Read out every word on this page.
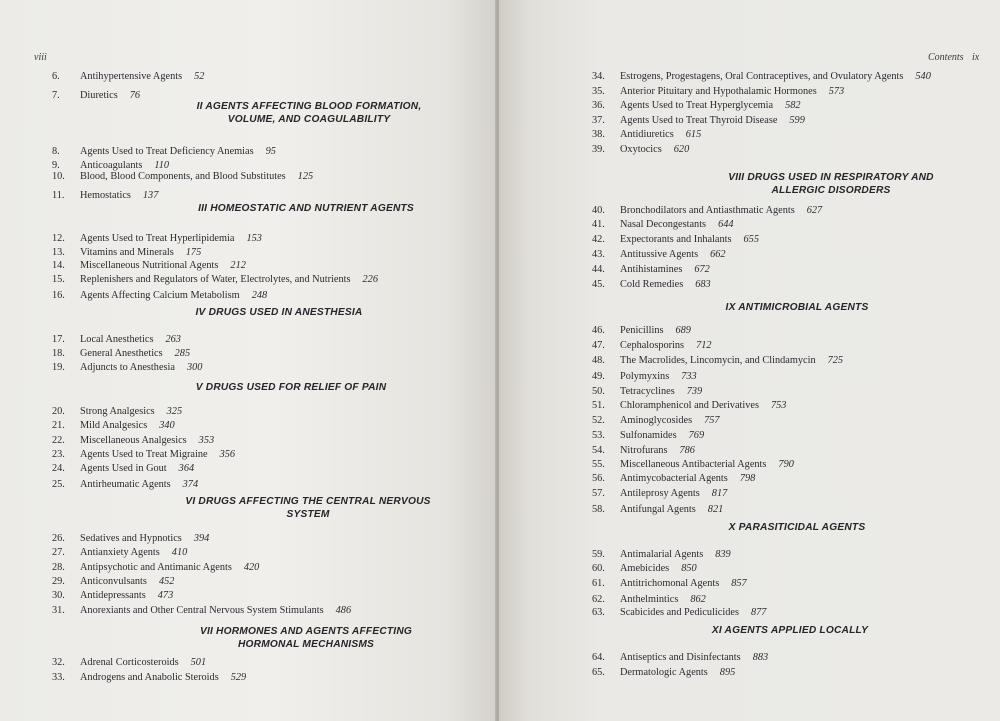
viii
6.	Antihypertensive Agents 52
7.	Diuretics 76
8.	Agents Used to Treat Deficiency Anemias 95
9.	Anticoagulants 110
10.	Blood, Blood Components, and Blood Substitutes 125
11.	Hemostatics 137
12.	Agents Used to Treat Hyperlipidemia 153
13.	Vitamins and Minerals 175
14.	Miscellaneous Nutritional Agents 212
15.	Replenishers and Regulators of Water, Electrolytes, and Nutrients 226
16.	Agents Affecting Calcium Metabolism 248
17.	Local Anesthetics 263
18.	General Anesthetics 285
19.	Adjuncts to Anesthesia 300
20.	Strong Analgesics 325
21.	Mild Analgesics 340
22.	Miscellaneous Analgesics 353
23.	Agents Used to Treat Migraine 356
24.	Agents Used in Gout 364
25.	Antirheumatic Agents 374
26.	Sedatives and Hypnotics 394
27.	Antianxiety Agents 410
28.	Antipsychotic and Antimanic Agents 420
29.	Anticonvulsants 452
30.	Antidepressants 473
31.	Anorexiants and Other Central Nervous System Stimulants 486
32.	Adrenal Corticosteroids 501
33.	Androgens and Anabolic Steroids 529
II AGENTS AFFECTING BLOOD FORMATION,
VOLUME, AND COAGULABILITY
III HOMEOSTATIC AND NUTRIENT AGENTS
IV DRUGS USED IN ANESTHESIA
V DRUGS USED FOR RELIEF OF PAIN
VI DRUGS AFFECTING THE CENTRAL NERVOUS
SYSTEM
VII HORMONES AND AGENTS AFFECTING
HORMONAL MECHANISMS
Contents ix
34.	Estrogens, Progestagens, Oral Contraceptives, and Ovulatory Agents 540
35.	Anterior Pituitary and Hypothalamic Hormones 573
36.	Agents Used to Treat Hyperglycemia 582
37.	Agents Used to Treat Thyroid Disease 599
38.	Antidiuretics 615
39.	Oxytocics 620
40.	Bronchodilators and Antiasthmatic Agents 627
41.	Nasal Decongestants 644
42.	Expectorants and Inhalants 655
43.	Antitussive Agents 662
44.	Antihistamines 672
45.	Cold Remedies 683
46.	Penicillins 689
47.	Cephalosporins 712
48.	The Macrolides, Lincomycin, and Clindamycin 725
49.	Polymyxins 733
50.	Tetracyclines 739
51.	Chloramphenicol and Derivatives 753
52.	Aminoglycosides 757
53.	Sulfonamides 769
54.	Nitrofurans 786
55.	Miscellaneous Antibacterial Agents 790
56.	Antimycobacterial Agents 798
57.	Antileprosy Agents 817
58.	Antifungal Agents 821
59.	Antimalarial Agents 839
60.	Amebicides 850
61.	Antitrichomonal Agents 857
62.	Anthelmintics 862
63.	Scabicides and Pediculicides 877
64.	Antiseptics and Disinfectants 883
65.	Dermatologic Agents 895
VIII DRUGS USED IN RESPIRATORY AND
ALLERGIC DISORDERS
IX ANTIMICROBIAL AGENTS
X PARASITICIDAL AGENTS
XI AGENTS APPLIED LOCALLY
